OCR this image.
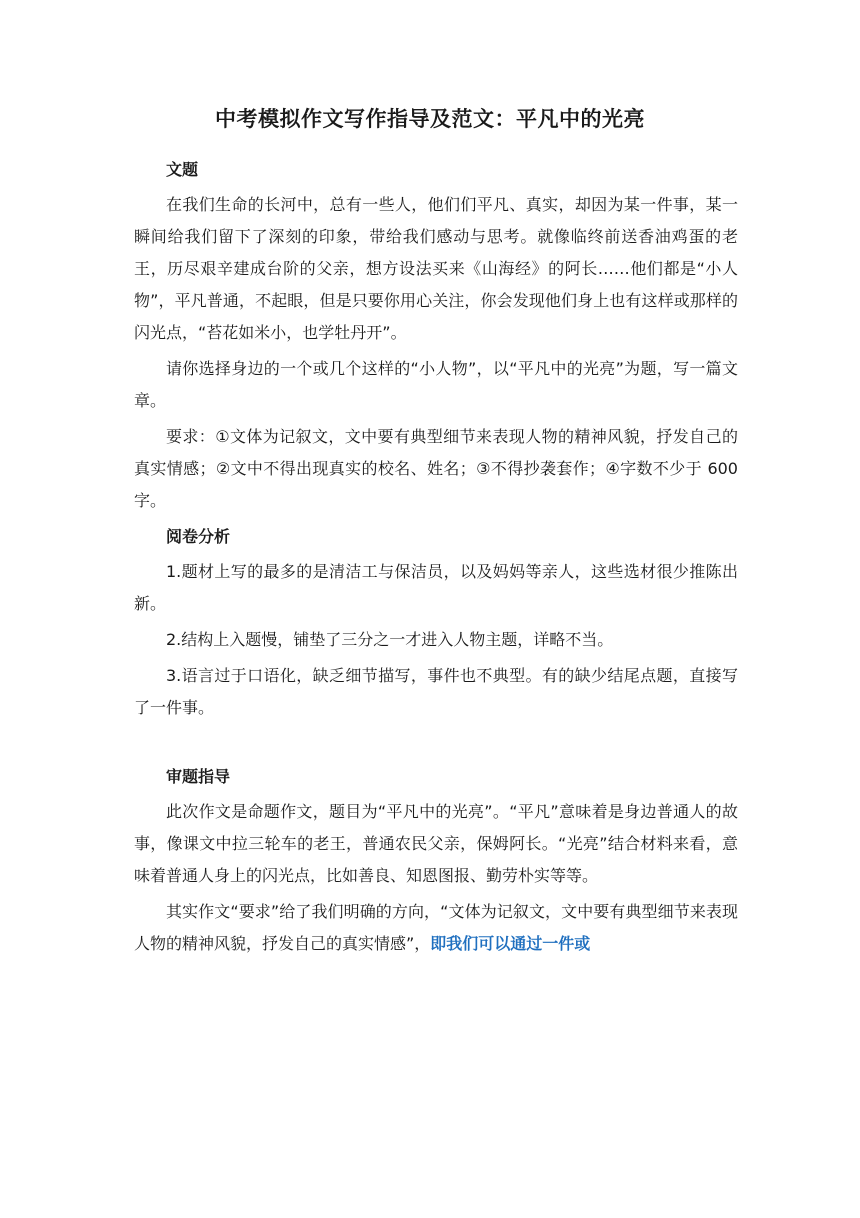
中考模拟作文写作指导及范文：平凡中的光亮
文题

在我们生命的长河中，总有一些人，他们们平凡、真实，却因为某一件事，某一瞬间给我们留下了深刻的印象，带给我们感动与思考。就像临终前送香油鸡蛋的老王，历尽艰辛建成台阶的父亲，想方设法买来《山海经》的阿长……他们都是“小人物”，平凡普通，不起眼，但是只要你用心关注，你会发现他们身上也有这样或那样的闪光点，“苔花如米小，也学牡丹开”。

请你选择身边的一个或几个这样的“小人物”，以“平凡中的光亮”为题，写一篇文章。

要求：①文体为记叙文，文中要有典型细节来表现人物的精神风貌，抒发自己的真实情感；②文中不得出现真实的校名、姓名；③不得抄袭套作；④字数不少于 600 字。

阅卷分析

1.题材上写的最多的是清洁工与保洁员，以及妈妈等亲人，这些选材很少推陈出新。

2.结构上入题慢，铺垫了三分之一才进入人物主题，详略不当。

3.语言过于口语化，缺乏细节描写，事件也不典型。有的缺少结尾点题，直接写了一件事。

审题指导

此次作文是命题作文，题目为“平凡中的光亮”。“平凡”意味着是身边普通人的故事，像课文中拉三轮车的老王，普通农民父亲，保姆阿长。“光亮”结合材料来看，意味着普通人身上的闪光点，比如善良、知恩图报、勤劳朴实等等。

其实作文“要求”给了我们明确的方向，“文体为记叙文，文中要有典型细节来表现人物的精神风貌，抒发自己的真实情感”，即我们可以通过一件或
